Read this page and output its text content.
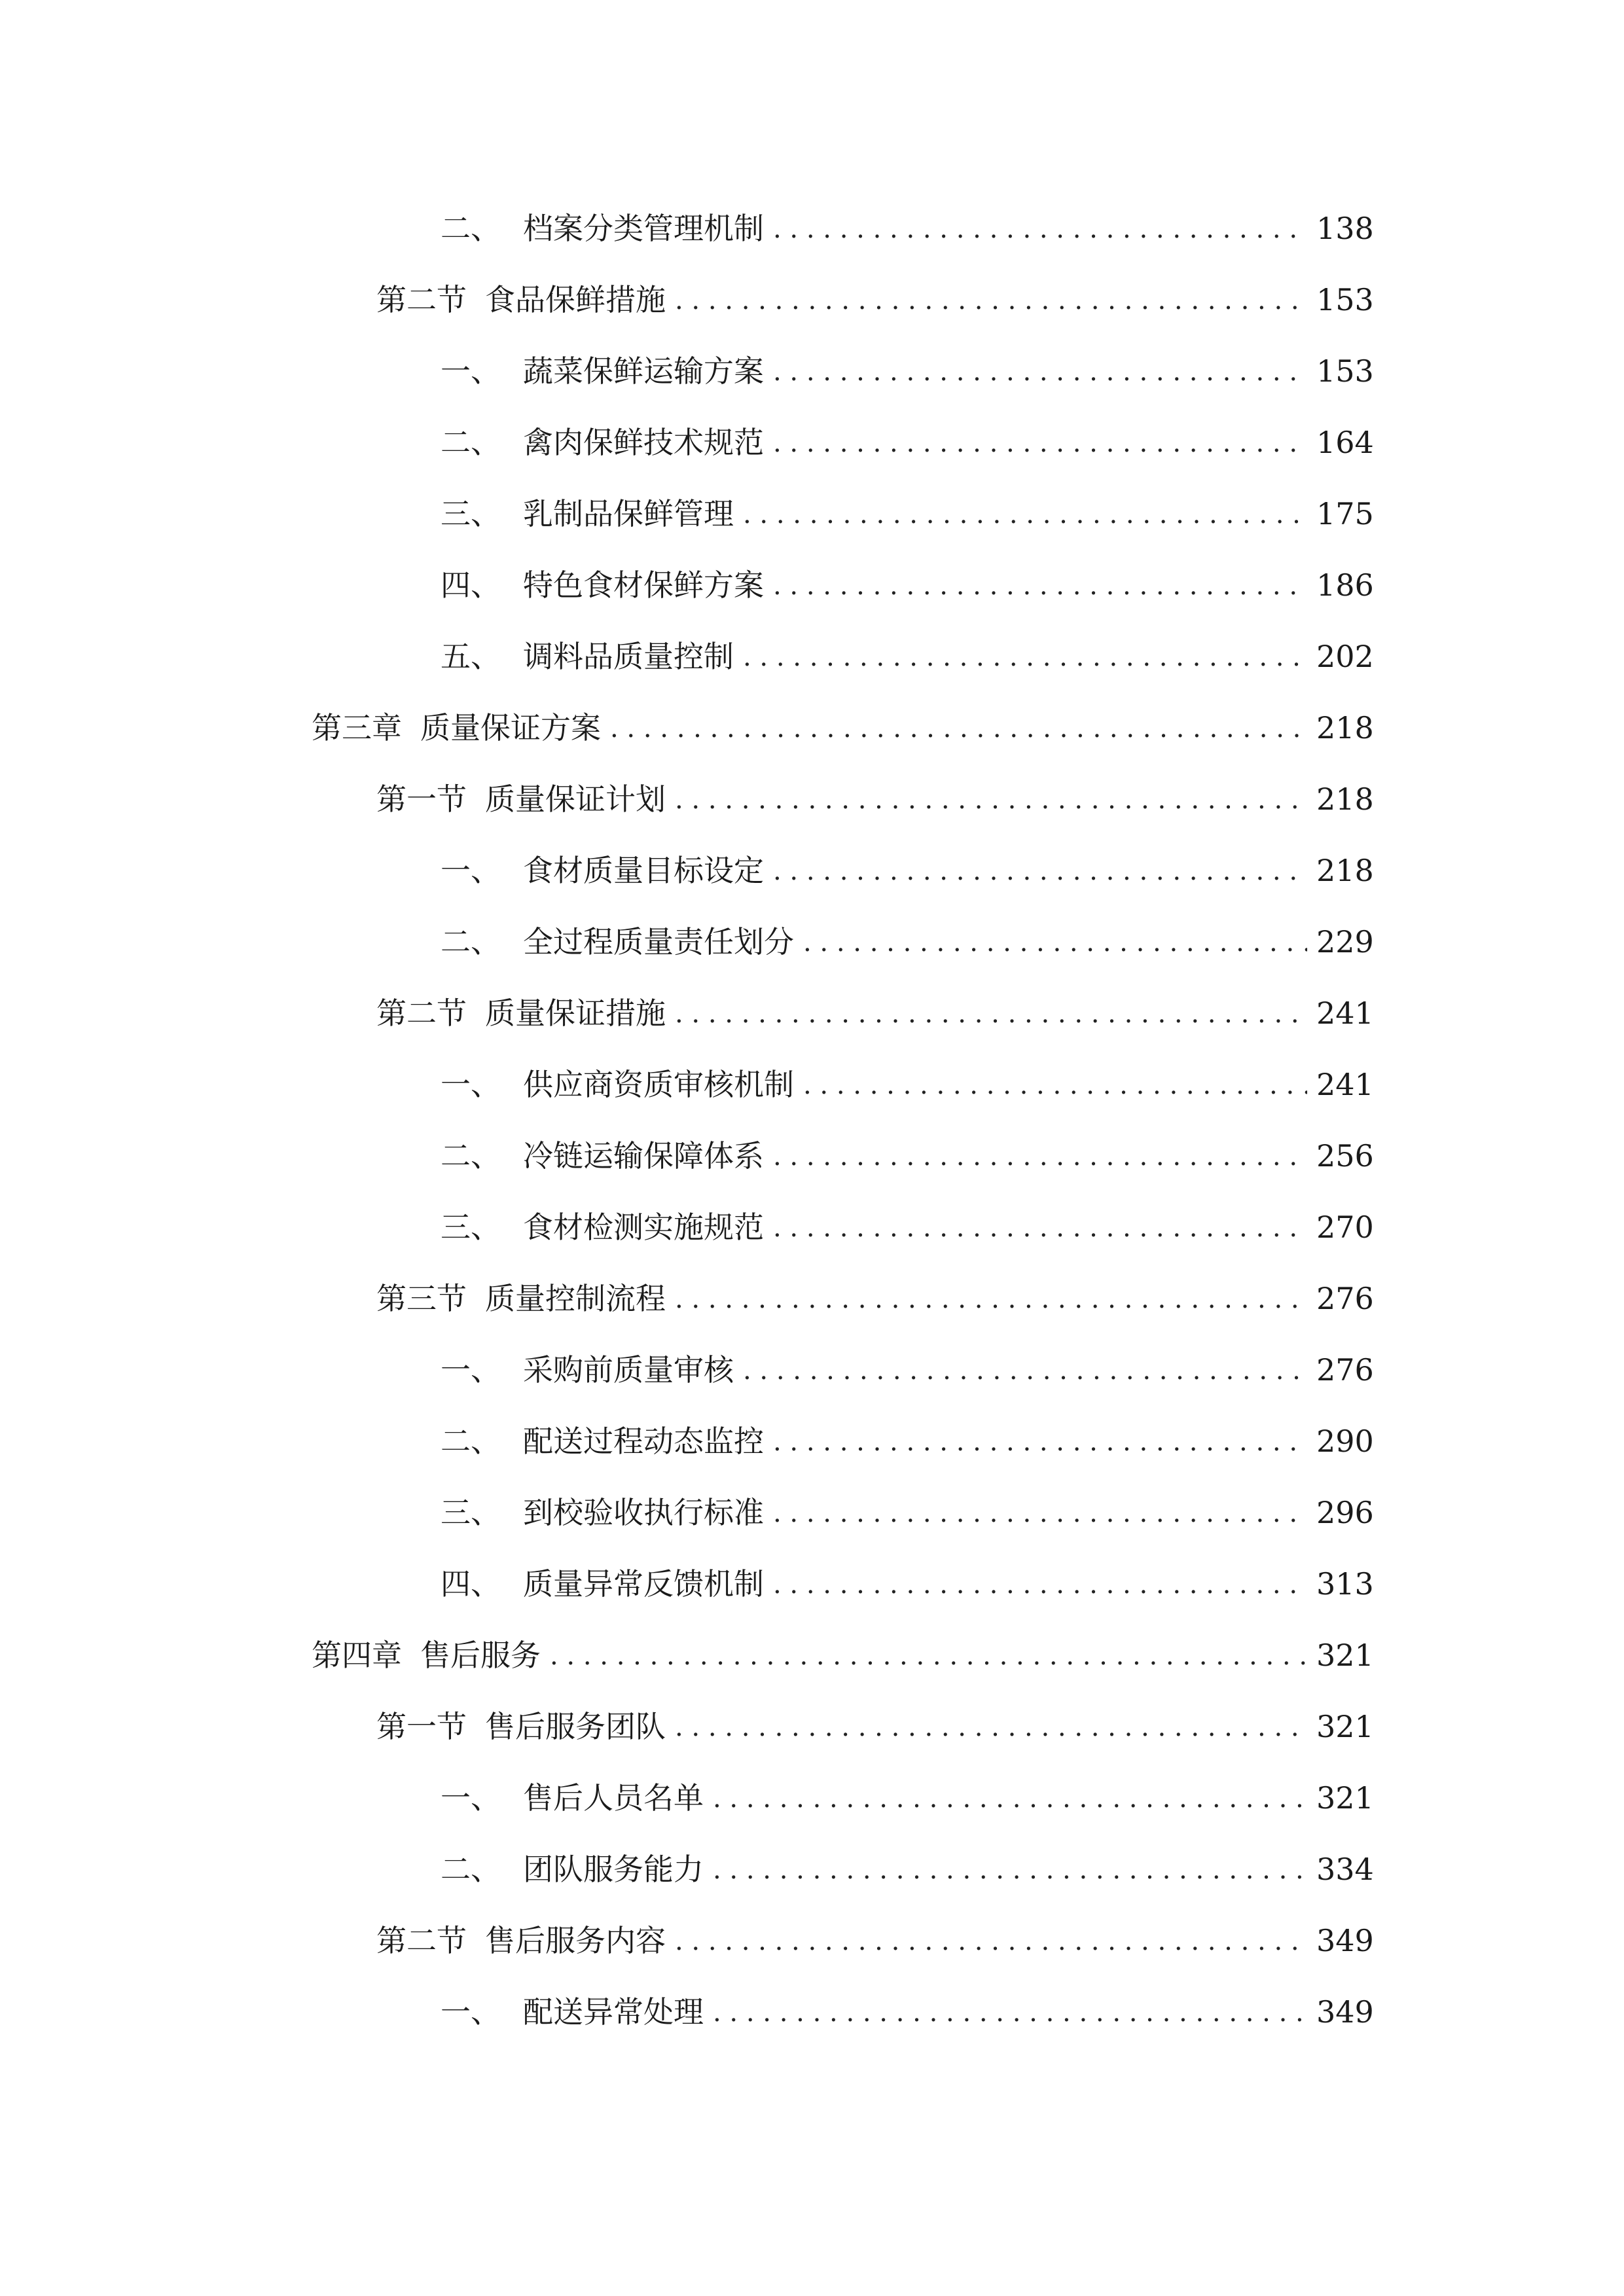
二、 档案分类管理机制 . . .	138
第二节 食品保鲜措施 . . .	153
一、 蔬菜保鲜运输方案 . . .	153
二、 禽肉保鲜技术规范 . . .	164
三、 乳制品保鲜管理 . . .	175
四、 特色食材保鲜方案 . . .	186
五、 调料品质量控制 . . .	202
第三章 质量保证方案 . . .	218
第一节 质量保证计划 . . .	218
一、 食材质量目标设定 . . .	218
二、 全过程质量责任划分 . . .	229
第二节 质量保证措施 . . .	241
一、 供应商资质审核机制 . . .	241
二、 冷链运输保障体系 . . .	256
三、 食材检测实施规范 . . .	270
第三节 质量控制流程 . . .	276
一、 采购前质量审核 . . .	276
二、 配送过程动态监控 . . .	290
三、 到校验收执行标准 . . .	296
四、 质量异常反馈机制 . . .	313
第四章 售后服务 . . .	321
第一节 售后服务团队 . . .	321
一、 售后人员名单 . . .	321
二、 团队服务能力 . . .	334
第二节 售后服务内容 . . .	349
一、 配送异常处理 . . .	349
